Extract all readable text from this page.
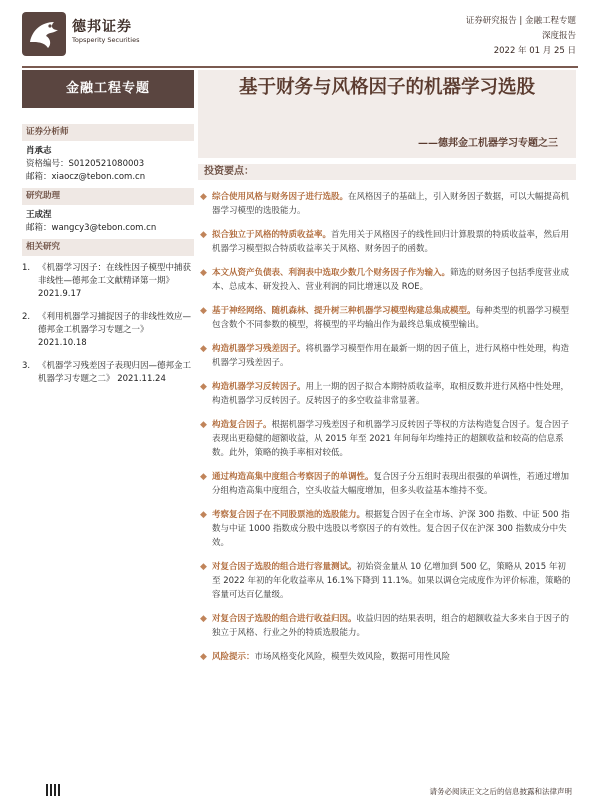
德邦证券
Topsperity Securities
证券研究报告 | 金融工程专题
深度报告
2022 年 01 月 25 日
金融工程专题	基于财务与风格因子的机器学习选股
——德邦金工机器学习专题之三
证券分析师
肖承志
资格编号：S0120521080003
邮箱：xiaocz@tebon.com.cn
研究助理
王成涅
邮箱：wangcy3@tebon.com.cn
相关研究
1. 《机器学习因子：在线性因子模型中捕获非线性—德邦金工文献精译第一期》 2021.9.17
2. 《利用机器学习捕捉因子的非线性效应—德邦金工机器学习专题之一》 2021.10.18
3. 《机器学习残差因子表现归因—德邦金工机器学习专题之二》 2021.11.24
投资要点：
◆ 综合使用风格与财务因子进行选股。在风格因子的基础上，引入财务因子数据，可以大幅提高机器学习模型的选股能力。
◆ 拟合独立于风格的特质收益率。首先用关于风格因子的线性回归计算股票的特质收益率，然后用机器学习模型拟合特质收益率关于风格、财务因子的函数。
◆ 本文从资产负债表、利润表中选取少数几个财务因子作为输入。筛选的财务因子包括季度营业成本、总成本、研发投入、营业利润的同比增速以及 ROE。
◆ 基于神经网络、随机森林、提升树三种机器学习模型构建总集成模型。每种类型的机器学习模型包含数个不同参数的模型，将模型的平均输出作为最终总集成模型输出。
◆ 构造机器学习残差因子。将机器学习模型作用在最新一期的因子值上，进行风格中性处理，构造机器学习残差因子。
◆ 构造机器学习反转因子。用上一期的因子拟合本期特质收益率，取相反数并进行风格中性处理，构造机器学习反转因子。反转因子的多空收益非常显著。
◆ 构造复合因子。根据机器学习残差因子和机器学习反转因子等权的方法构造复合因子。复合因子表现出更稳健的超额收益，从 2015 年至 2021 年间每年均维持正的超额收益和较高的信息系数。此外，策略的换手率相对较低。
◆ 通过构造高集中度组合考察因子的单调性。复合因子分五组时表现出很强的单调性，若通过增加分组构造高集中度组合，空头收益大幅度增加，但多头收益基本维持不变。
◆ 考察复合因子在不同股票池的选股能力。根据复合因子在全市场、沪深 300 指数、中证 500 指数与中证 1000 指数成分股中选股以考察因子的有效性。复合因子仅在沪深 300 指数成分中失效。
◆ 对复合因子选股的组合进行容量测试。初始资金量从 10 亿增加到 500 亿，策略从 2015 年初至 2022 年初的年化收益率从 16.1%下降到 11.1%。如果以调仓完成度作为评价标准，策略的容量可达百亿量级。
◆ 对复合因子选股的组合进行收益归因。收益归因的结果表明，组合的超额收益大多来自于因子的独立于风格、行业之外的特质选股能力。
◆ 风险提示：市场风格变化风险，模型失效风险，数据可用性风险
请务必阅读正文之后的信息披露和法律声明
